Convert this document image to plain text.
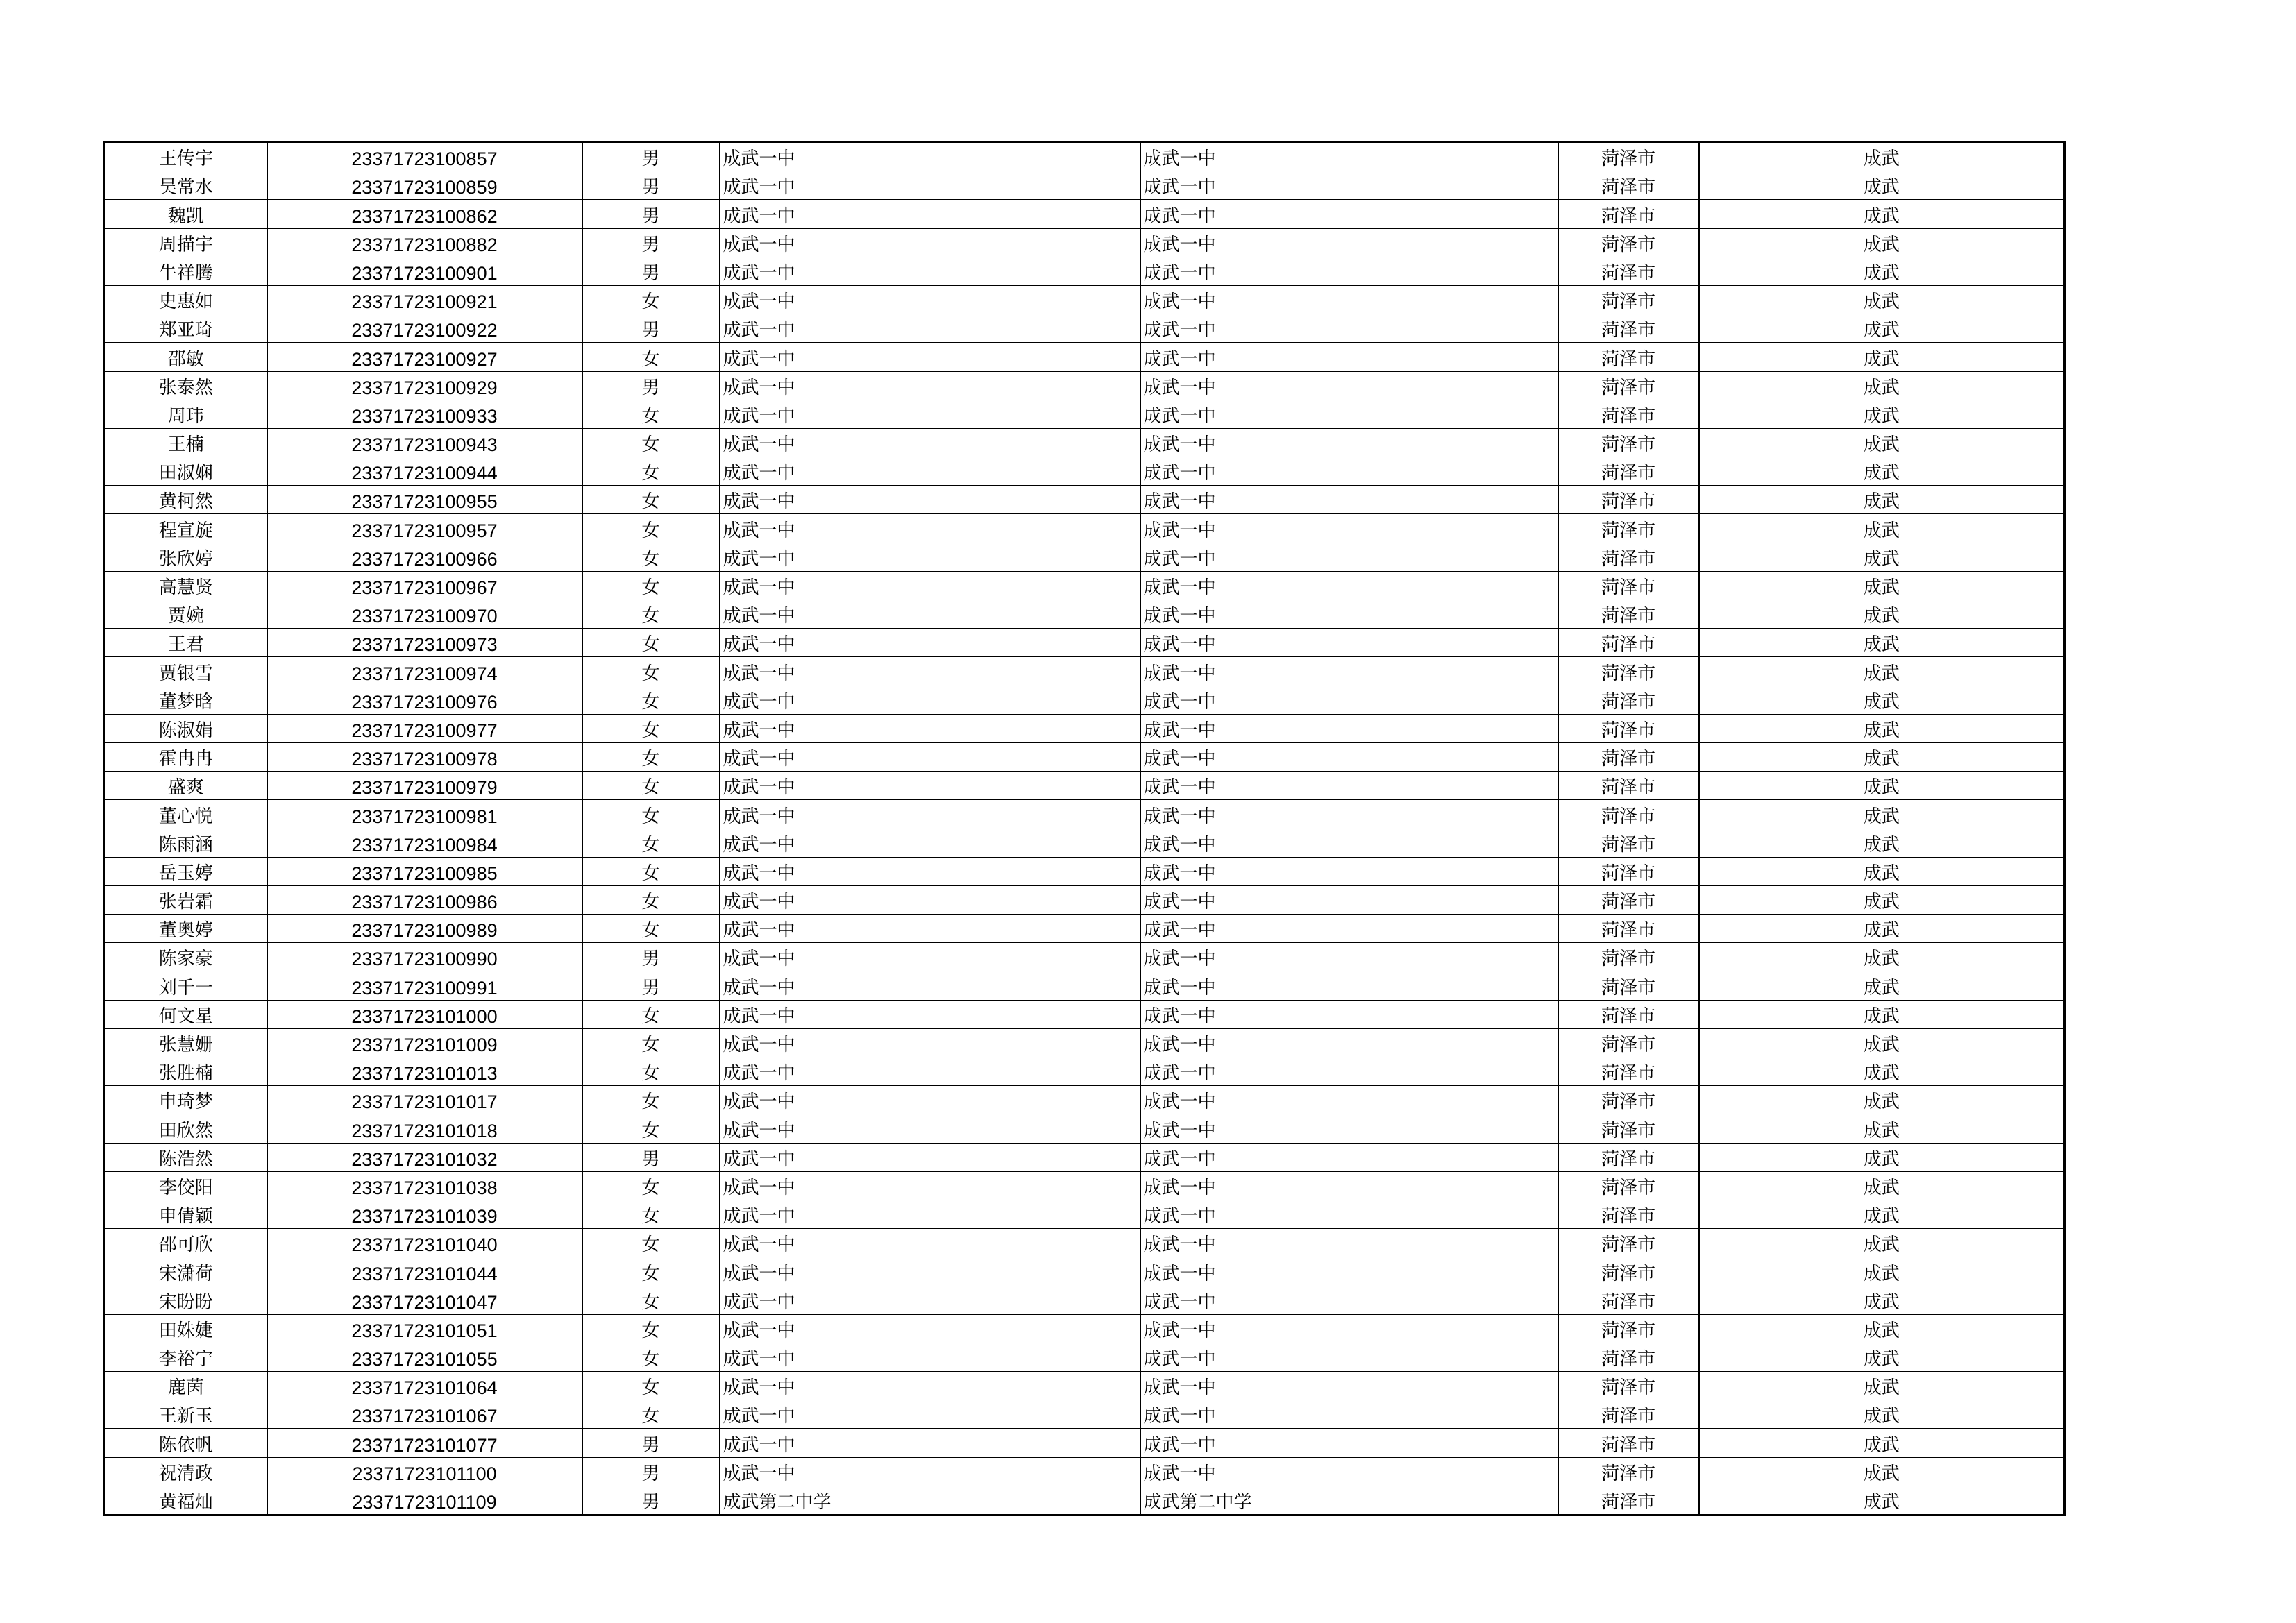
王传宇	23371723100857	男	成武一中	成武一中	菏泽市	成武
吴常水	23371723100859	男	成武一中	成武一中	菏泽市	成武
魏凯	23371723100862	男	成武一中	成武一中	菏泽市	成武
周描宇	23371723100882	男	成武一中	成武一中	菏泽市	成武
牛祥腾	23371723100901	男	成武一中	成武一中	菏泽市	成武
史惠如	23371723100921	女	成武一中	成武一中	菏泽市	成武
郑亚琦	23371723100922	男	成武一中	成武一中	菏泽市	成武
邵敏	23371723100927	女	成武一中	成武一中	菏泽市	成武
张泰然	23371723100929	男	成武一中	成武一中	菏泽市	成武
周玮	23371723100933	女	成武一中	成武一中	菏泽市	成武
王楠	23371723100943	女	成武一中	成武一中	菏泽市	成武
田淑娴	23371723100944	女	成武一中	成武一中	菏泽市	成武
黄柯然	23371723100955	女	成武一中	成武一中	菏泽市	成武
程宣旋	23371723100957	女	成武一中	成武一中	菏泽市	成武
张欣婷	23371723100966	女	成武一中	成武一中	菏泽市	成武
高慧贤	23371723100967	女	成武一中	成武一中	菏泽市	成武
贾婉	23371723100970	女	成武一中	成武一中	菏泽市	成武
王君	23371723100973	女	成武一中	成武一中	菏泽市	成武
贾银雪	23371723100974	女	成武一中	成武一中	菏泽市	成武
董梦晗	23371723100976	女	成武一中	成武一中	菏泽市	成武
陈淑娟	23371723100977	女	成武一中	成武一中	菏泽市	成武
霍冉冉	23371723100978	女	成武一中	成武一中	菏泽市	成武
盛爽	23371723100979	女	成武一中	成武一中	菏泽市	成武
董心悦	23371723100981	女	成武一中	成武一中	菏泽市	成武
陈雨涵	23371723100984	女	成武一中	成武一中	菏泽市	成武
岳玉婷	23371723100985	女	成武一中	成武一中	菏泽市	成武
张岩霜	23371723100986	女	成武一中	成武一中	菏泽市	成武
董奥婷	23371723100989	女	成武一中	成武一中	菏泽市	成武
陈家豪	23371723100990	男	成武一中	成武一中	菏泽市	成武
刘千一	23371723100991	男	成武一中	成武一中	菏泽市	成武
何文星	23371723101000	女	成武一中	成武一中	菏泽市	成武
张慧姗	23371723101009	女	成武一中	成武一中	菏泽市	成武
张胜楠	23371723101013	女	成武一中	成武一中	菏泽市	成武
申琦梦	23371723101017	女	成武一中	成武一中	菏泽市	成武
田欣然	23371723101018	女	成武一中	成武一中	菏泽市	成武
陈浩然	23371723101032	男	成武一中	成武一中	菏泽市	成武
李佼阳	23371723101038	女	成武一中	成武一中	菏泽市	成武
申倩颖	23371723101039	女	成武一中	成武一中	菏泽市	成武
邵可欣	23371723101040	女	成武一中	成武一中	菏泽市	成武
宋潇荷	23371723101044	女	成武一中	成武一中	菏泽市	成武
宋盼盼	23371723101047	女	成武一中	成武一中	菏泽市	成武
田姝婕	23371723101051	女	成武一中	成武一中	菏泽市	成武
李裕宁	23371723101055	女	成武一中	成武一中	菏泽市	成武
鹿茵	23371723101064	女	成武一中	成武一中	菏泽市	成武
王新玉	23371723101067	女	成武一中	成武一中	菏泽市	成武
陈依帆	23371723101077	男	成武一中	成武一中	菏泽市	成武
祝清政	23371723101100	男	成武一中	成武一中	菏泽市	成武
黄福灿	23371723101109	男	成武第二中学	成武第二中学	菏泽市	成武
